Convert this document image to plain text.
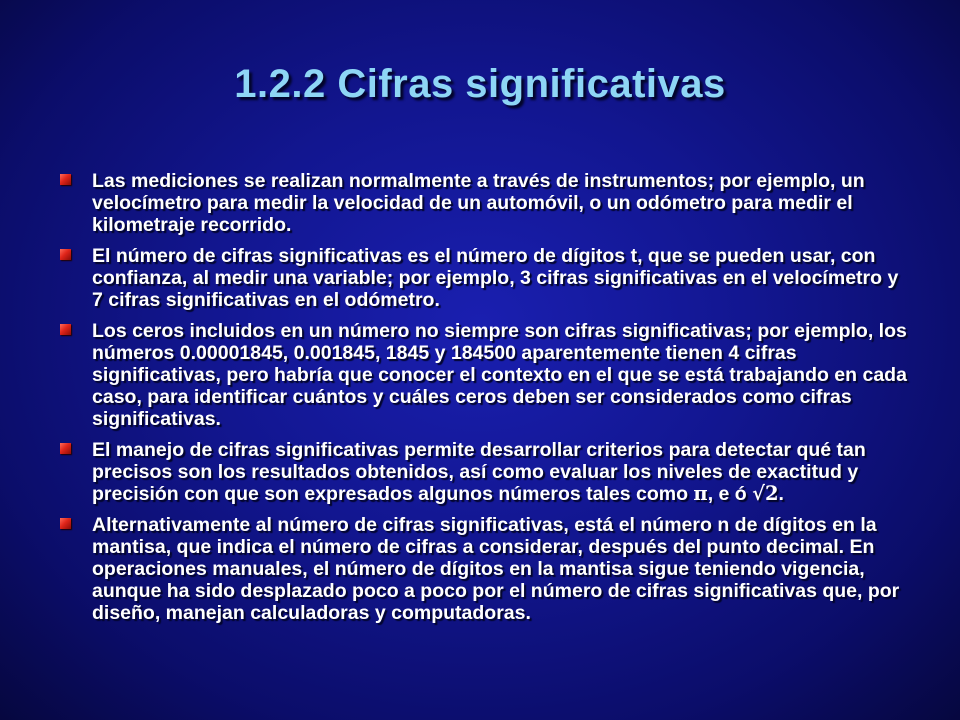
1.2.2 Cifras significativas
Las mediciones se realizan normalmente a través de instrumentos; por ejemplo, un velocímetro para medir la velocidad de un automóvil, o un odómetro para medir el kilometraje recorrido.
El número de cifras significativas es el número de dígitos t, que se pueden usar, con confianza, al medir una variable; por ejemplo, 3 cifras significativas en el velocímetro y 7 cifras significativas en el odómetro.
Los ceros incluidos en un número no siempre son cifras significativas; por ejemplo, los números 0.00001845, 0.001845, 1845 y 184500 aparentemente tienen 4 cifras significativas, pero habría que conocer el contexto en el que se está trabajando en cada caso, para identificar cuántos y cuáles ceros deben ser considerados como cifras significativas.
El manejo de cifras significativas permite desarrollar criterios para detectar qué tan precisos son los resultados obtenidos, así como evaluar los niveles de exactitud y precisión con que son expresados algunos números tales como π, e ó √2.
Alternativamente al número de cifras significativas, está el número n de dígitos en la mantisa, que indica el número de cifras a considerar, después del punto decimal. En operaciones manuales, el número de dígitos en la mantisa sigue teniendo vigencia, aunque ha sido desplazado poco a poco por el número de cifras significativas que, por diseño, manejan calculadoras y computadoras.
